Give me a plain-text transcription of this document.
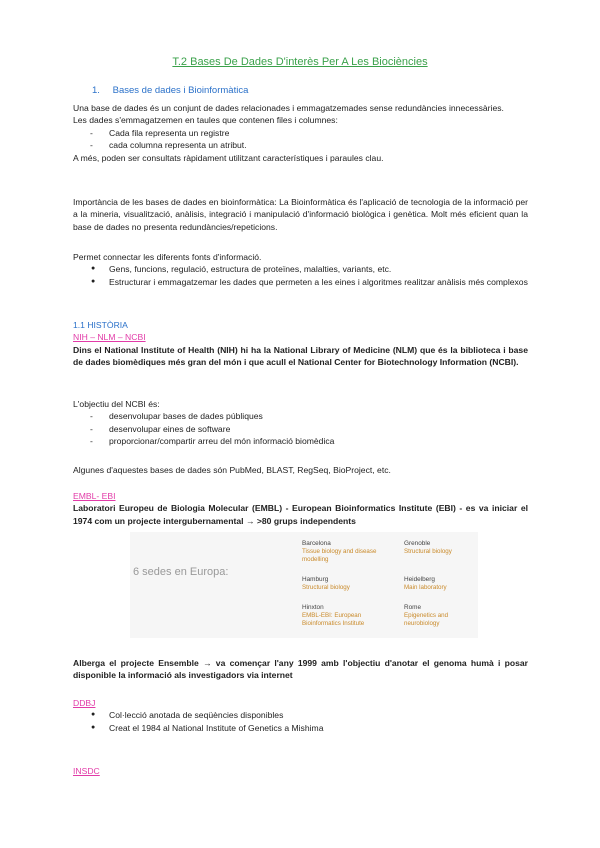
T.2 Bases De Dades D'interès Per A Les Biociències
1. Bases de dades i Bioinformàtica

Una base de dades és un conjunt de dades relacionades i emmagatzemades sense redundàncies innecessàries.

Les dades s'emmagatzemen en taules que contenen files i columnes:

- Cada fila representa un registre
- cada columna representa un atribut.

A més, poden ser consultats ràpidament utilitzant característiques i paraules clau.

Importància de les bases de dades en bioinformàtica: La Bioinformàtica és l'aplicació de tecnologia de la informació per a la mineria, visualització, anàlisis, integració i manipulació d'informació biològica i genètica. Molt més eficient quan la base de dades no presenta redundàncies/repeticions.

Permet connectar les diferents fonts d'informació.

● Gens, funcions, regulació, estructura de proteïnes, malalties, variants, etc.
● Estructurar i emmagatzemar les dades que permeten a les eines i algoritmes realitzar anàlisis més complexos

1.1 HISTÒRIA

NIH – NLM – NCBI

Dins el National Institute of Health (NIH) hi ha la National Library of Medicine (NLM) que és la biblioteca i base de dades biomèdiques més gran del món i que acull el National Center for Biotechnology Information (NCBI).

L'objectiu del NCBI és:

- desenvolupar bases de dades públiques
- desenvolupar eines de software
- proporcionar/compartir arreu del món informació biomèdica

Algunes d'aquestes bases de dades són PubMed, BLAST, RegSeq, BioProject, etc.

EMBL- EBI

Laboratori Europeu de Biologia Molecular (EMBL) - European Bioinformatics Institute (EBI) - es va iniciar el 1974 com un projecte intergubernamental → >80 grups independents

6 sedes en Europa:
Barcelona
Tissue biology and disease modelling
Grenoble
Structural biology
Hamburg
Structural biology
Heidelberg
Main laboratory
Hinxton
EMBL-EBI: European Bioinformatics Institute
Rome
Epigenetics and neurobiology

Alberga el projecte Ensemble → va començar l'any 1999 amb l'objectiu d'anotar el genoma humà i posar disponible la informació als investigadors via internet

DDBJ

● Col·lecció anotada de seqüències disponibles
● Creat el 1984 al National Institute of Genetics a Mishima

INSDC
